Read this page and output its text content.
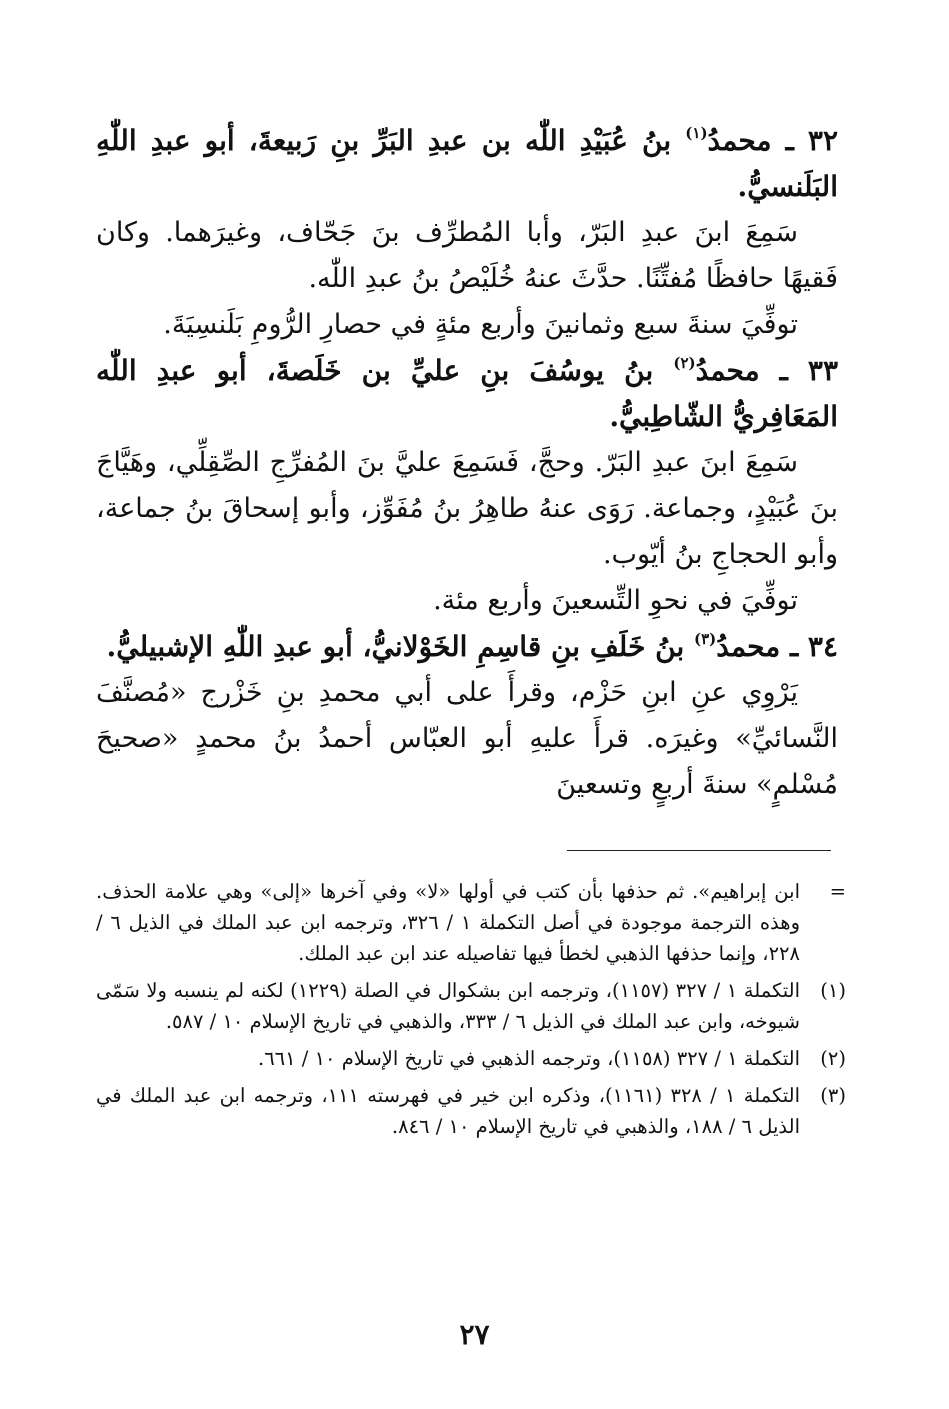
٣٢ ـ محمدُ$^{(١)}$ بنُ عُبَيْدِ اللّٰه بن عبدِ البَرِّ بنِ رَبيعةَ، أبو عبدِ اللّٰهِ البَلَنسيُّ.

سَمِعَ ابنَ عبدِ البَرّ، وأبا المُطرِّف بنَ جَحّاف، وغيرَهما. وكان فَقيهًا حافظًا مُفتِّنًا. حدَّثَ عنهُ خُلَيْصُ بنُ عبدِ اللّٰه.

توفِّيَ سنةَ سبع وثمانينَ وأربع مئةٍ في حصارِ الرُّومِ بَلَنسِيَةَ.

٣٣ ـ محمدُ$^{(٢)}$ بنُ يوسُفَ بنِ عليِّ بن خَلَصةَ، أبو عبدِ اللّٰه المَعَافِريُّ الشّاطِبيُّ.

سَمِعَ ابنَ عبدِ البَرّ. وحجَّ، فَسَمِعَ عليَّ بنَ المُفرِّجِ الصِّقِلِّي، وهَيَّاجَ بنَ عُبَيْدٍ، وجماعة. رَوَى عنهُ طاهِرُ بنُ مُفَوِّز، وأبو إسحاقَ بنُ جماعة، وأبو الحجاجِ بنُ أيّوب.

توفِّيَ في نحوِ التِّسعينَ وأربع مئة.

٣٤ ـ محمدُ$^{(٣)}$ بنُ خَلَفِ بنِ قاسِمِ الخَوْلانيُّ، أبو عبدِ اللّٰهِ الإشبيليُّ.

يَرْوِي عنِ ابنِ حَزْم، وقرأَ على أبي محمدِ بنِ خَزْرج «مُصنَّفَ النَّسائيِّ» وغيرَه. قرأَ عليهِ أبو العبّاس أحمدُ بنُ محمدٍ «صحيحَ مُسْلمٍ» سنةَ أربعٍ وتسعينَ

=
ابن إبراهيم». ثم حذفها بأن كتب في أولها «لا» وفي آخرها «إلى» وهي علامة الحذف. وهذه الترجمة موجودة في أصل التكملة ١ / ٣٢٦، وترجمه ابن عبد الملك في الذيل ٦ / ٢٢٨، وإنما حذفها الذهبي لخطأ فيها تفاصيله عند ابن عبد الملك.
(١)
التكملة ١ / ٣٢٧ (١١٥٧)، وترجمه ابن بشكوال في الصلة (١٢٢٩) لكنه لم ينسبه ولا سَمّى شيوخه، وابن عبد الملك في الذيل ٦ / ٣٣٣، والذهبي في تاريخ الإسلام ١٠ / ٥٨٧.
(٢)
التكملة ١ / ٣٢٧ (١١٥٨)، وترجمه الذهبي في تاريخ الإسلام ١٠ / ٦٦١.
(٣)
التكملة ١ / ٣٢٨ (١١٦١)، وذكره ابن خير في فهرسته ١١١، وترجمه ابن عبد الملك في الذيل ٦ / ١٨٨، والذهبي في تاريخ الإسلام ١٠ / ٨٤٦.
٢٧
